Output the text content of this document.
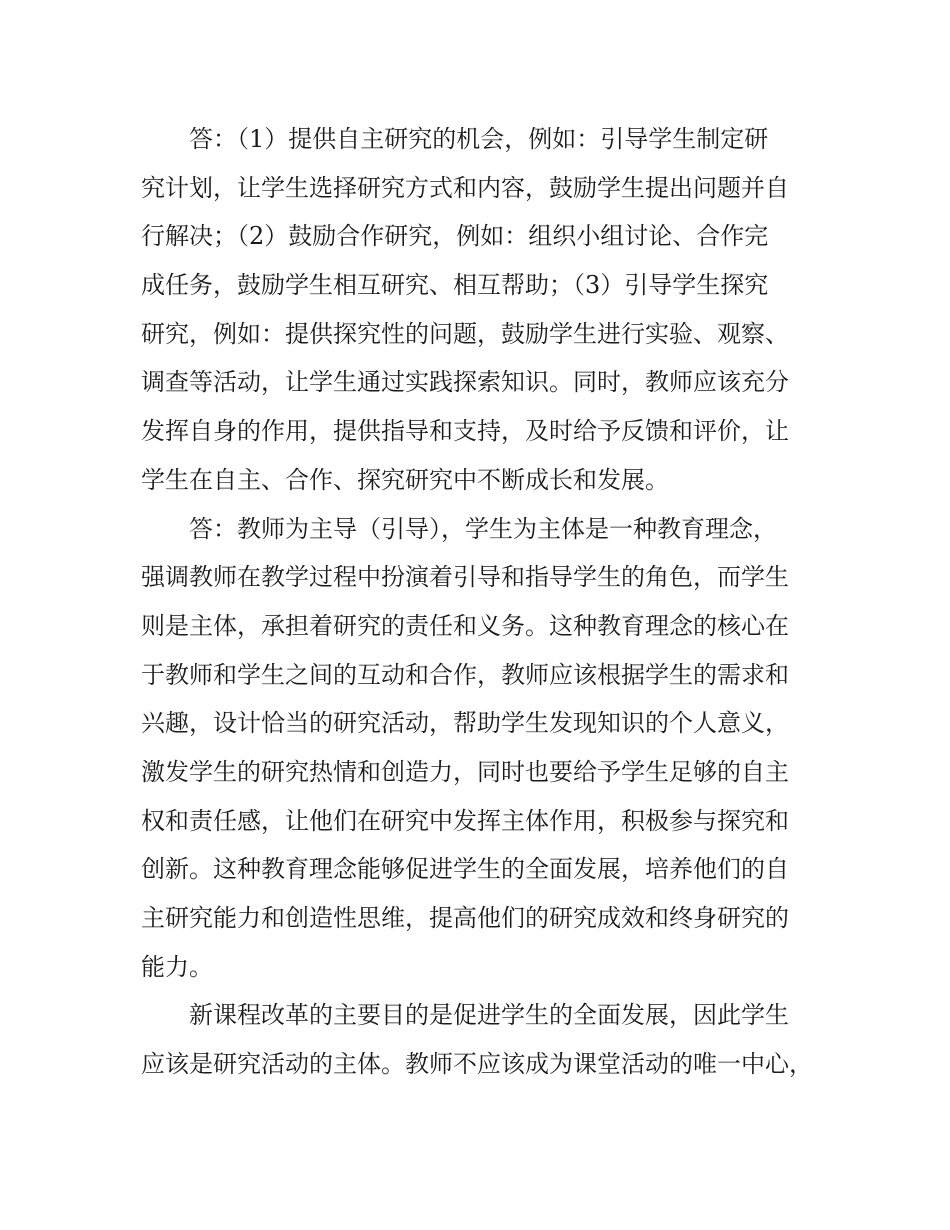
答：（1）提供自主研究的机会，例如：引导学生制定研
究计划，让学生选择研究方式和内容，鼓励学生提出问题并自
行解决；（2）鼓励合作研究，例如：组织小组讨论、合作完
成任务，鼓励学生相互研究、相互帮助；（3）引导学生探究
研究，例如：提供探究性的问题，鼓励学生进行实验、观察、
调查等活动，让学生通过实践探索知识。同时，教师应该充分
发挥自身的作用，提供指导和支持，及时给予反馈和评价，让
学生在自主、合作、探究研究中不断成长和发展。
答：教师为主导（引导），学生为主体是一种教育理念，
强调教师在教学过程中扮演着引导和指导学生的角色，而学生
则是主体，承担着研究的责任和义务。这种教育理念的核心在
于教师和学生之间的互动和合作，教师应该根据学生的需求和
兴趣，设计恰当的研究活动，帮助学生发现知识的个人意义，
激发学生的研究热情和创造力，同时也要给予学生足够的自主
权和责任感，让他们在研究中发挥主体作用，积极参与探究和
创新。这种教育理念能够促进学生的全面发展，培养他们的自
主研究能力和创造性思维，提高他们的研究成效和终身研究的
能力。
新课程改革的主要目的是促进学生的全面发展，因此学生
应该是研究活动的主体。教师不应该成为课堂活动的唯一中心，
